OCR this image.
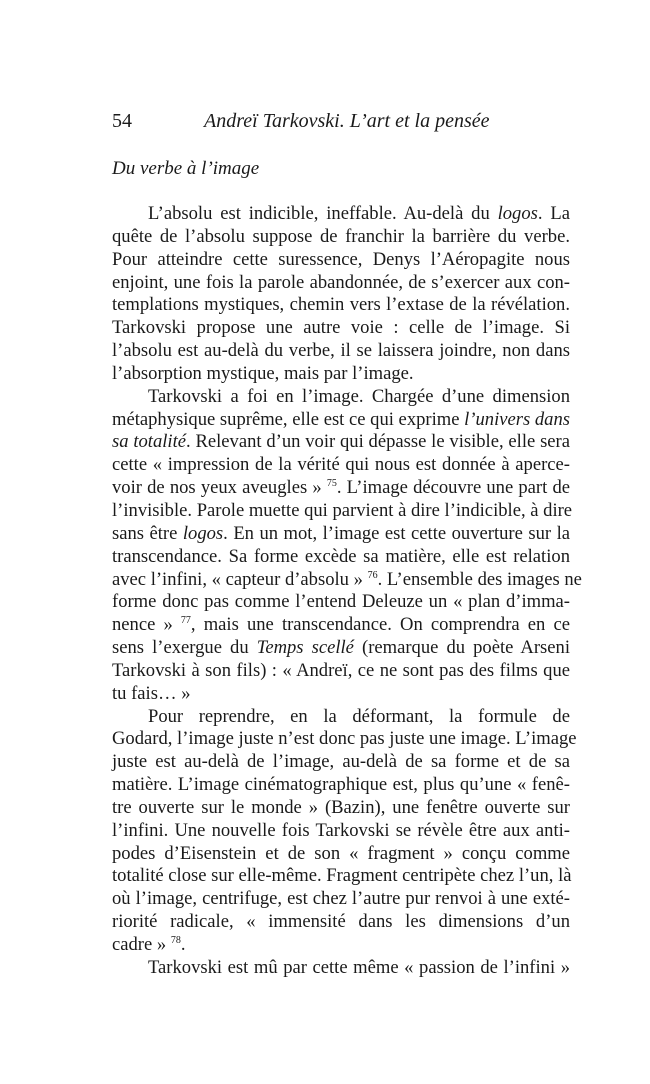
54	Andreï Tarkovski. L’art et la pensée
Du verbe à l’image
L’absolu est indicible, ineffable. Au-delà du logos. La
quête de l’absolu suppose de franchir la barrière du verbe.
Pour atteindre cette suressence, Denys l’Aéropagite nous
enjoint, une fois la parole abandonnée, de s’exercer aux con-
templations mystiques, chemin vers l’extase de la révélation.
Tarkovski propose une autre voie : celle de l’image. Si
l’absolu est au-delà du verbe, il se laissera joindre, non dans
l’absorption mystique, mais par l’image.
Tarkovski a foi en l’image. Chargée d’une dimension
métaphysique suprême, elle est ce qui exprime l’univers dans
sa totalité. Relevant d’un voir qui dépasse le visible, elle sera
cette « impression de la vérité qui nous est donnée à aperce-
voir de nos yeux aveugles » $^{75}$. L’image découvre une part de
l’invisible. Parole muette qui parvient à dire l’indicible, à dire
sans être logos. En un mot, l’image est cette ouverture sur la
transcendance. Sa forme excède sa matière, elle est relation
avec l’infini, « capteur d’absolu » $^{76}$. L’ensemble des images ne
forme donc pas comme l’entend Deleuze un « plan d’imma-
nence » $^{77}$, mais une transcendance. On comprendra en ce
sens l’exergue du Temps scellé (remarque du poète Arseni
Tarkovski à son fils) : « Andreï, ce ne sont pas des films que
tu fais… »
Pour reprendre, en la déformant, la formule de
Godard, l’image juste n’est donc pas juste une image. L’image
juste est au-delà de l’image, au-delà de sa forme et de sa
matière. L’image cinématographique est, plus qu’une « fenê-
tre ouverte sur le monde » (Bazin), une fenêtre ouverte sur
l’infini. Une nouvelle fois Tarkovski se révèle être aux anti-
podes d’Eisenstein et de son « fragment » conçu comme
totalité close sur elle-même. Fragment centripète chez l’un, là
où l’image, centrifuge, est chez l’autre pur renvoi à une exté-
riorité radicale, « immensité dans les dimensions d’un
cadre » $^{78}$.
Tarkovski est mû par cette même « passion de l’infini »
